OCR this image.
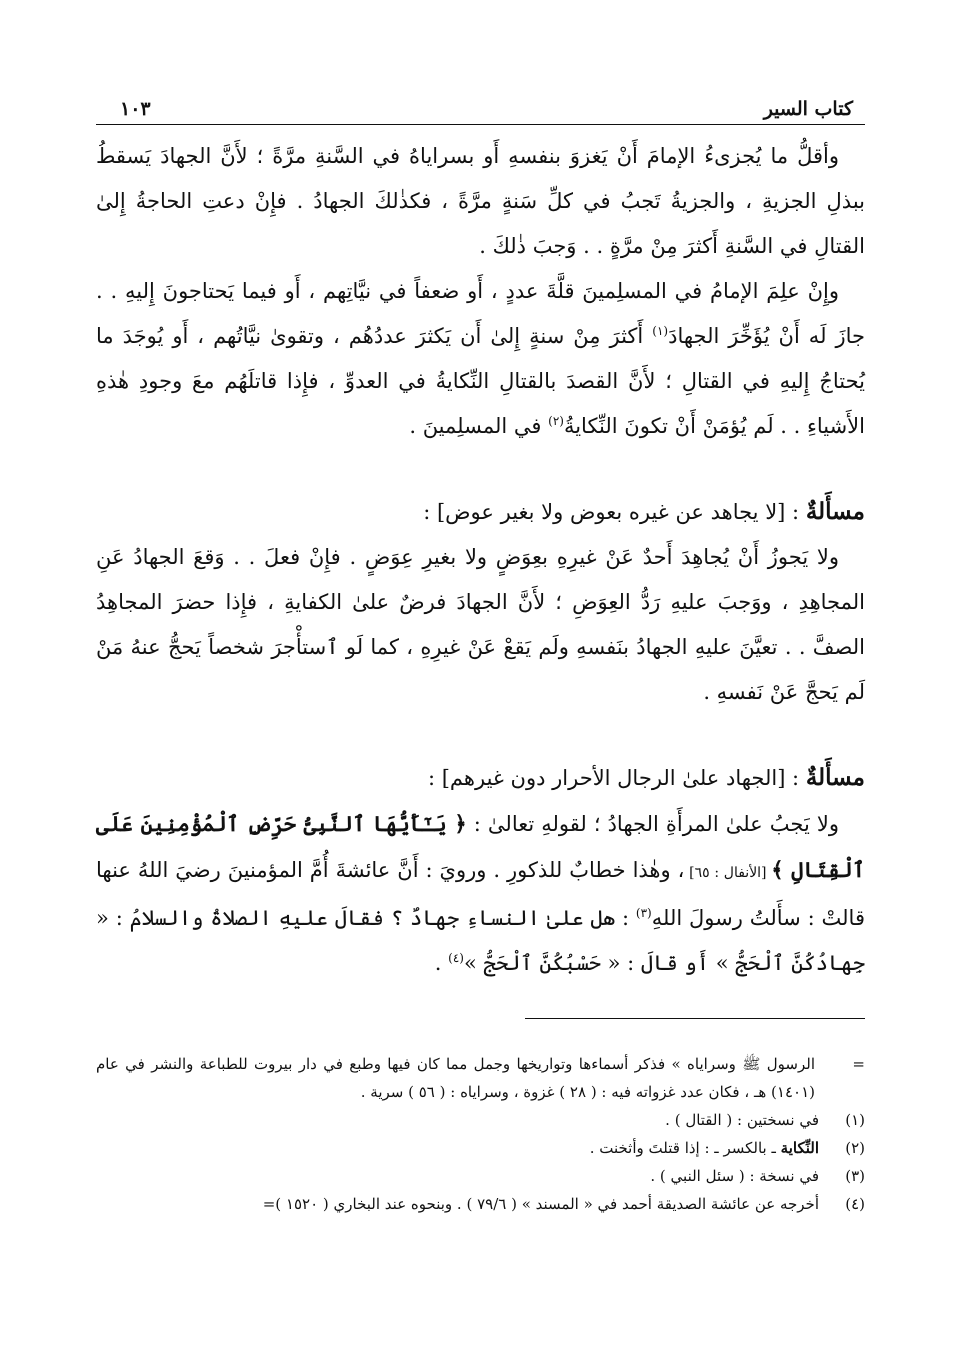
كتاب السير
١٠٣

وأقلُّ ما يُجزىءُ الإمامَ أَنْ يَغزوَ بنفسهِ أَو بسراياهُ في السَّنةِ مرَّةً ؛ لأَنَّ الجهادَ يَسقطُ ببذلِ الجزيةِ ، والجزيةُ تَجبُ في كلِّ سَنةٍ مرَّةً ، فكذٰلكَ الجهادُ . فإِنْ دعتِ الحاجةُ إِلىٰ القتالِ في السَّنةِ أَكثرَ مِنْ مرَّةٍ . . وَجبَ ذٰلكَ .

وإِنْ علِمَ الإمامُ في المسلِمينَ قلَّةَ عددٍ ، أَو ضعفاً في نيَّاتِهم ، أَو فيما يَحتاجونَ إِليهِ . . جازَ لَه أَنْ يُؤَخِّرَ الجهادَ$^{(١)}$ أَكثرَ مِنْ سنةٍ إِلىٰ أَن يَكثرَ عددُهُم ، وتقوىٰ نيَّاتُهم ، أَو يُوجَدَ ما يُحتاجُ إِليهِ في القتالِ ؛ لأَنَّ القصدَ بالقتالِ النِّكايةُ في العدوِّ ، فإِذا قاتلَهُم معَ وجودِ هٰذهِ الأَشياءِ . . لَم يُؤمَنْ أَنْ تكونَ النِّكايةُ$^{(٢)}$ في المسلِمينَ .

مسأَلةٌ : [لا يجاهد عن غيره بعوض ولا بغير عوض] :

ولا يَجوزُ أَنْ يُجاهِدَ أَحدٌ عَنْ غيرِهِ بعِوَضٍ ولا بغيرِ عِوَضٍ . فإِنْ فعلَ . . وَقعَ الجهادُ عَنِ المجاهِدِ ، ووَجبَ عليهِ رَدُّ العِوَضِ ؛ لأَنَّ الجهادَ فرضٌ علىٰ الكفايةِ ، فإِذا حضرَ المجاهِدُ الصفَّ . . تعيَّنَ عليهِ الجهادُ بنَفسهِ ولَم يَقعْ عَنْ غيرِهِ ، كما لَو ٱستأْجرَ شخصاً يَحجُّ عنهُ مَنْ لَم يَحجَّ عَنْ نَفسهِ .

مسأَلةٌ : [الجهاد علىٰ الرجال الأحرار دون غيرهم] :

ولا يَجبُ علىٰ المرأَةِ الجهادُ ؛ لقولهِ تعالىٰ : ﴿ يَـٰٓأَيُّهَا ٱلنَّبِىُّ حَرِّضِ ٱلْمُؤْمِنِينَ عَلَى ٱلْقِتَالِ ﴾ [الأنفال : ٦٥] ، وهٰذا خطابٌ للذكورِ . ورويَ : أَنَّ عائشةَ أُمَّ المؤمنينَ رضيَ اللهُ عنها قالتْ : سأَلتُ رسولَ اللهِ$^{(٣)}$ : هل علىٰ النساءِ جهادٌ ؟ فقالَ عليهِ الصلاةُ والسلامُ : « جِهادُكُنَّ ٱلْحَجُّ » أَو قالَ : « حَسْبُكُنَّ ٱلْحَجُّ »$^{(٤)}$ .

=
الرسول ﷺ وسراياه » فذكر أسماءها وتواريخها وجمل مما كان فيها وطبع في دار بيروت للطباعة والنشر في عام (١٤٠١) هـ ، فكان عدد غزواته فيه : ( ٢٨ ) غزوة ، وسراياه : ( ٥٦ ) سرية .

(١)
في نسختين : ( القتال ) .

(٢)
النِّكاية ـ بالكسر ـ : إذا قتلتَ وأثخنت .

(٣)
في نسخة : ( سئل النبي ) .

(٤)
أخرجه عن عائشة الصديقة أحمد في « المسند » ( ٧٩/٦ ) . وبنحوه عند البخاري ( ١٥٢٠ )=
